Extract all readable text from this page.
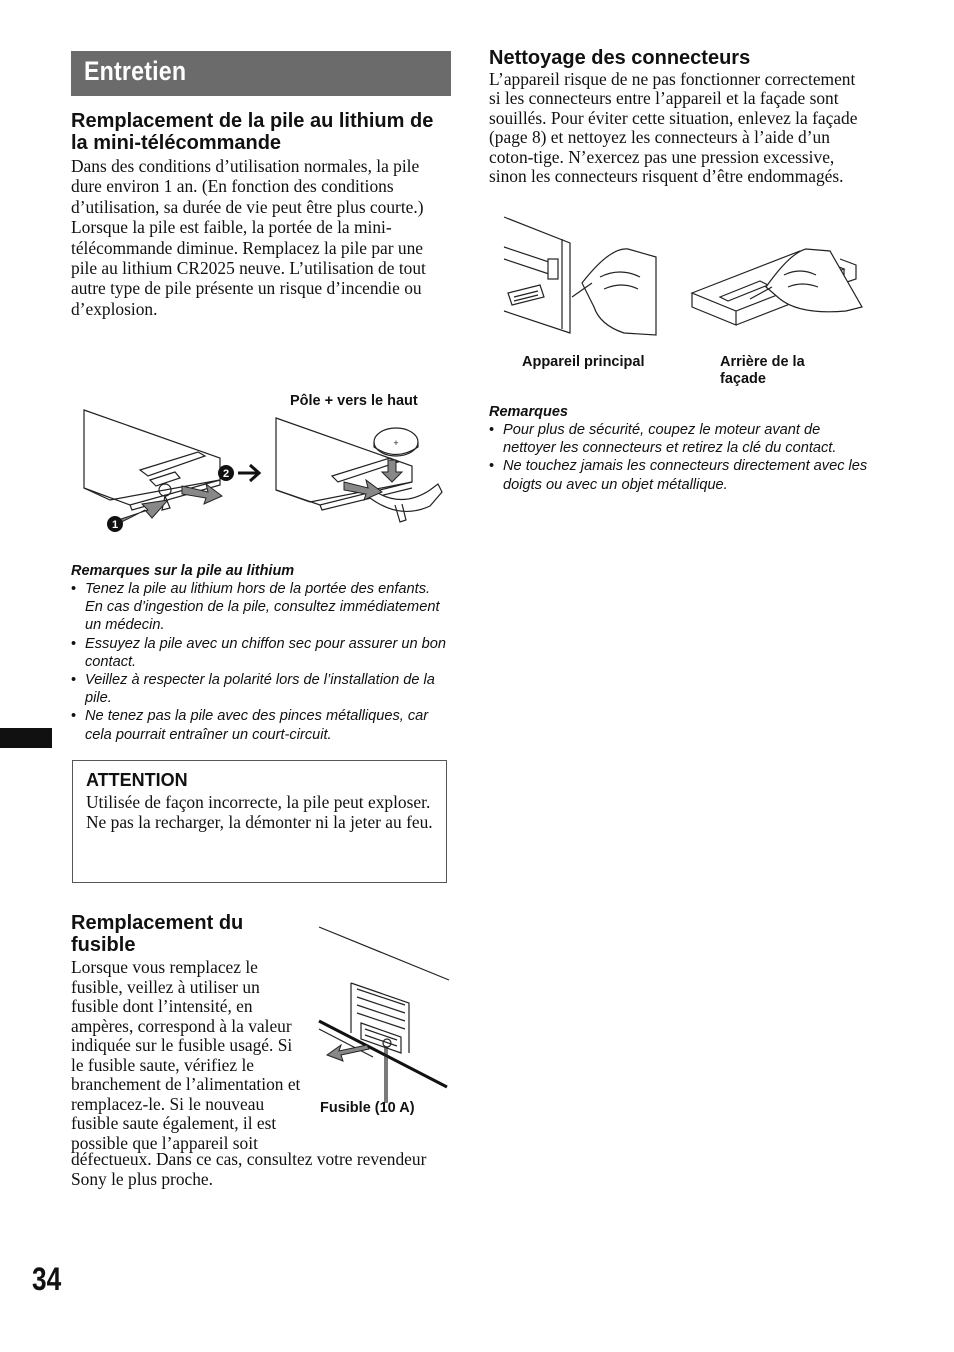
Entretien
Remplacement de la pile au lithium de la mini-télécommande

Dans des conditions d’utilisation normales, la pile dure environ 1 an. (En fonction des conditions d’utilisation, sa durée de vie peut être plus courte.)

Lorsque la pile est faible, la portée de la mini-télécommande diminue. Remplacez la pile par une pile au lithium CR2025 neuve. L’utilisation de tout autre type de pile présente un risque d’incendie ou d’explosion.

Pôle + vers le haut
1
2
+
Remarques sur la pile au lithium
• Tenez la pile au lithium hors de la portée des enfants. En cas d’ingestion de la pile, consultez immédiatement un médecin.
• Essuyez la pile avec un chiffon sec pour assurer un bon contact.
• Veillez à respecter la polarité lors de l’installation de la pile.
• Ne tenez pas la pile avec des pinces métalliques, car cela pourrait entraîner un court-circuit.
ATTENTION

Utilisée de façon incorrecte, la pile peut exploser.

Ne pas la recharger, la démonter ni la jeter au feu.

Remplacement du fusible
Lorsque vous remplacez le fusible, veillez à utiliser un fusible dont l’intensité, en ampères, correspond à la valeur indiquée sur le fusible usagé. Si le fusible saute, vérifiez le branchement de l’alimentation et remplacez-le. Si le nouveau fusible saute également, il est possible que l’appareil soit
défectueux. Dans ce cas, consultez votre revendeur Sony le plus proche.
Fusible (10 A)
Nettoyage des connecteurs
L’appareil risque de ne pas fonctionner correctement si les connecteurs entre l’appareil et la façade sont souillés. Pour éviter cette situation, enlevez la façade (page 8) et nettoyez les connecteurs à l’aide d’un coton-tige. N’exercez pas une pression excessive, sinon les connecteurs risquent d’être endommagés.
Appareil principal	Arrière de la façade
Remarques
• Pour plus de sécurité, coupez le moteur avant de nettoyer les connecteurs et retirez la clé du contact.
• Ne touchez jamais les connecteurs directement avec les doigts ou avec un objet métallique.
34
